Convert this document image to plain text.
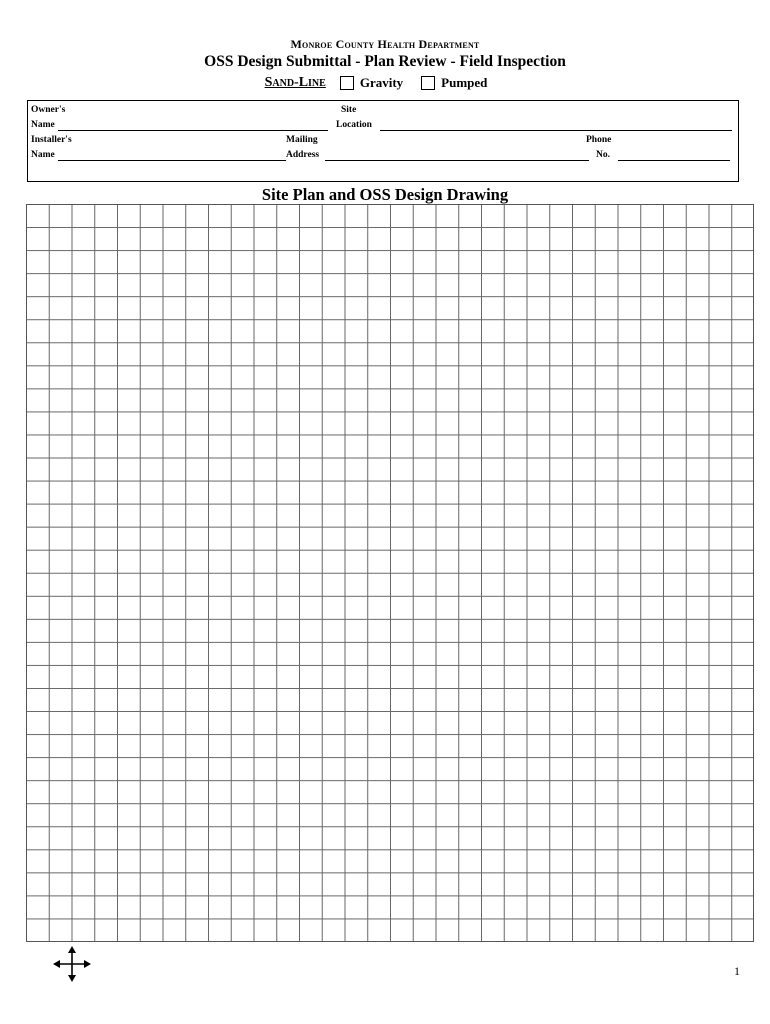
Monroe County Health Department
OSS Design Submittal - Plan Review - Field Inspection
Sand-Line	Gravity	Pumped
Owner's
Name
Site
Location
Installer's
Name
Mailing
Address
Phone
No.
Site Plan and OSS Design Drawing
1
